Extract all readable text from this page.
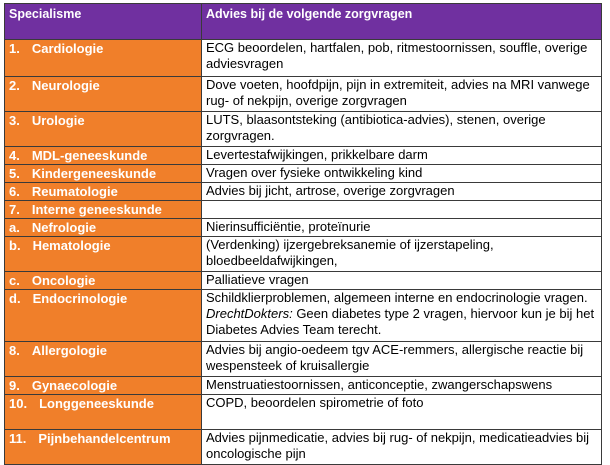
Specialisme	Advies bij de volgende zorgvragen
1. Cardiologie	ECG beoordelen, hartfalen, pob, ritmestoornissen, souffle, overige adviesvragen
2. Neurologie	Dove voeten, hoofdpijn, pijn in extremiteit, advies na MRI vanwege rug- of nekpijn, overige zorgvragen
3. Urologie	LUTS, blaasontsteking (antibiotica-advies), stenen, overige zorgvragen.
4. MDL-geneeskunde	Levertestafwijkingen, prikkelbare darm
5. Kindergeneeskunde	Vragen over fysieke ontwikkeling kind
6. Reumatologie	Advies bij jicht, artrose, overige zorgvragen
7. Interne geneeskunde	
a. Nefrologie	Nierinsufficiëntie, proteïnurie
b. Hematologie	(Verdenking) ijzergebreksanemie of ijzerstapeling, bloedbeeldafwijkingen,
c. Oncologie	Palliatieve vragen
d. Endocrinologie	Schildklierproblemen, algemeen interne en endocrinologie vragen. DrechtDokters: Geen diabetes type 2 vragen, hiervoor kun je bij het Diabetes Advies Team terecht.
8. Allergologie	Advies bij angio-oedeem tgv ACE-remmers, allergische reactie bij wespensteek of kruisallergie
9. Gynaecologie	Menstruatiestoornissen, anticonceptie, zwangerschapswens
10. Longgeneeskunde	COPD, beoordelen spirometrie of foto
11. Pijnbehandelcentrum	Advies pijnmedicatie, advies bij rug- of nekpijn, medicatieadvies bij oncologische pijn
